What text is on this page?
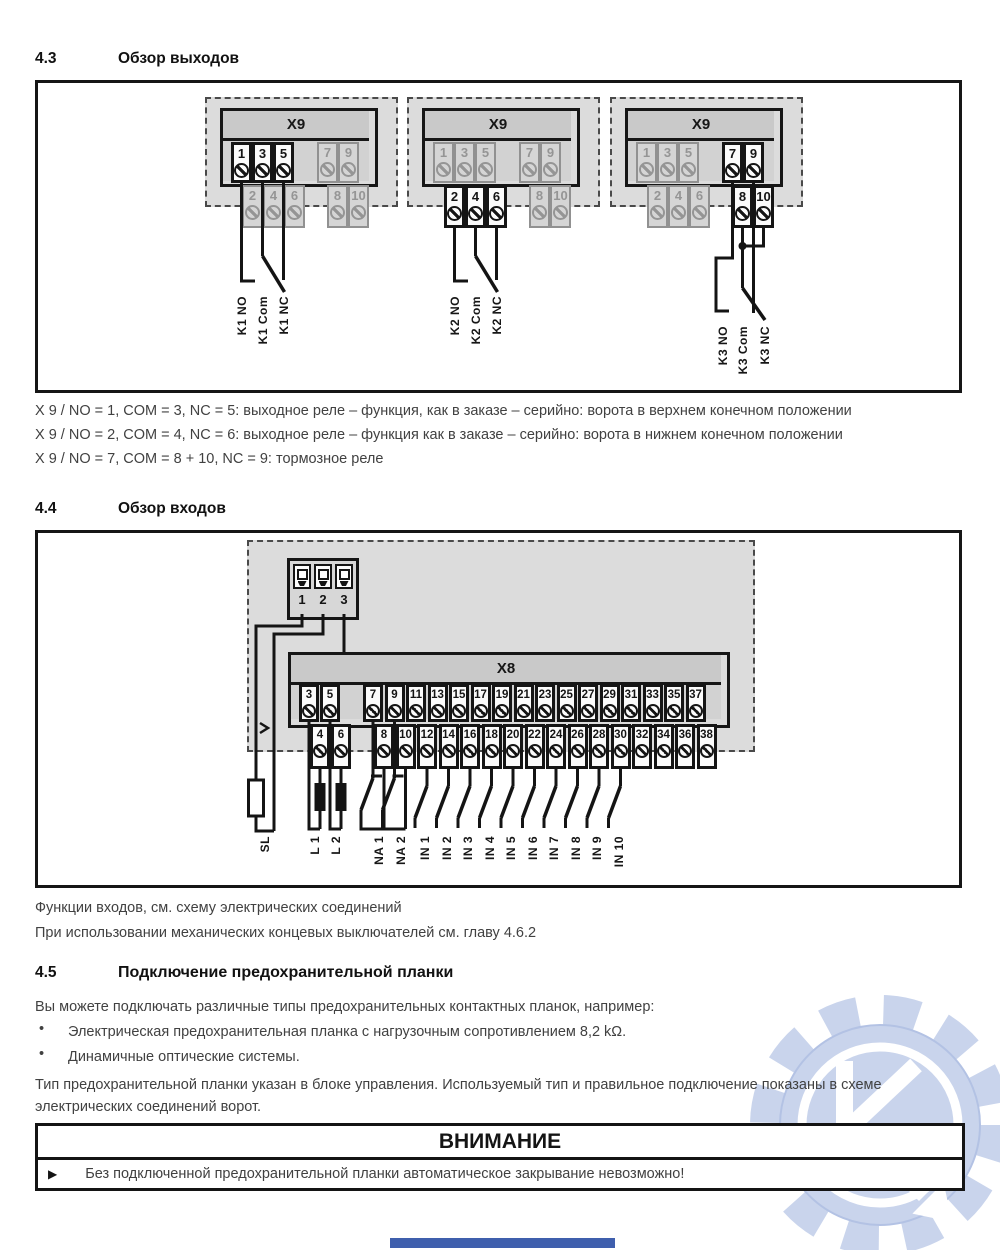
4.3	Обзор выходов
X9	X9	X9
4.4	Обзор входов
X8
1 3 5	7	9
2	4	6	8 10
1	3	5	7	9
2 4 6	8 10
1	3	5	7 9
2	4	6	8 10
3	5	7	9	11 13 15 17 19 21 23 25 27 29 31 33 35 37
4	6	8	10 12 14 16 18 20 22 24 26 28 30 32 34 36 38
1	2	3
K1 NO K1 Com K1 NC	K2 NO K2 Com K2 NC
K3 NO K3 Com K3 NC
SL	L 1 L 2 NA 1 NA 2 IN 1 IN 2 IN 3 IN 4 IN 5 IN 6 IN 7 IN 8 IN 9 IN 10
X 9 / NO = 1, COM = 3, NC = 5: выходное реле – функция, как в заказе – серийно: ворота в верхнем конечном положении
X 9 / NO = 2, COM = 4, NC = 6: выходное реле – функция как в заказе – серийно: ворота в нижнем конечном положении
X 9 / NO = 7, COM = 8 + 10, NC = 9: тормозное реле
Функции входов, см. схему электрических соединений
При использовании механических концевых выключателей см. главу 4.6.2
4.5	Подключение предохранительной планки
Вы можете подключать различные типы предохранительных контактных планок, например:
• Электрическая предохранительная планка с нагрузочным сопротивлением 8,2 kΩ.
• Динамичные оптические системы.
Тип предохранительной планки указан в блоке управления. Используемый тип и правильное подключение показаны в схеме электрических соединений ворот.
ВНИМАНИЕ
▶ Без подключенной предохранительной планки автоматическое закрывание невозможно!
